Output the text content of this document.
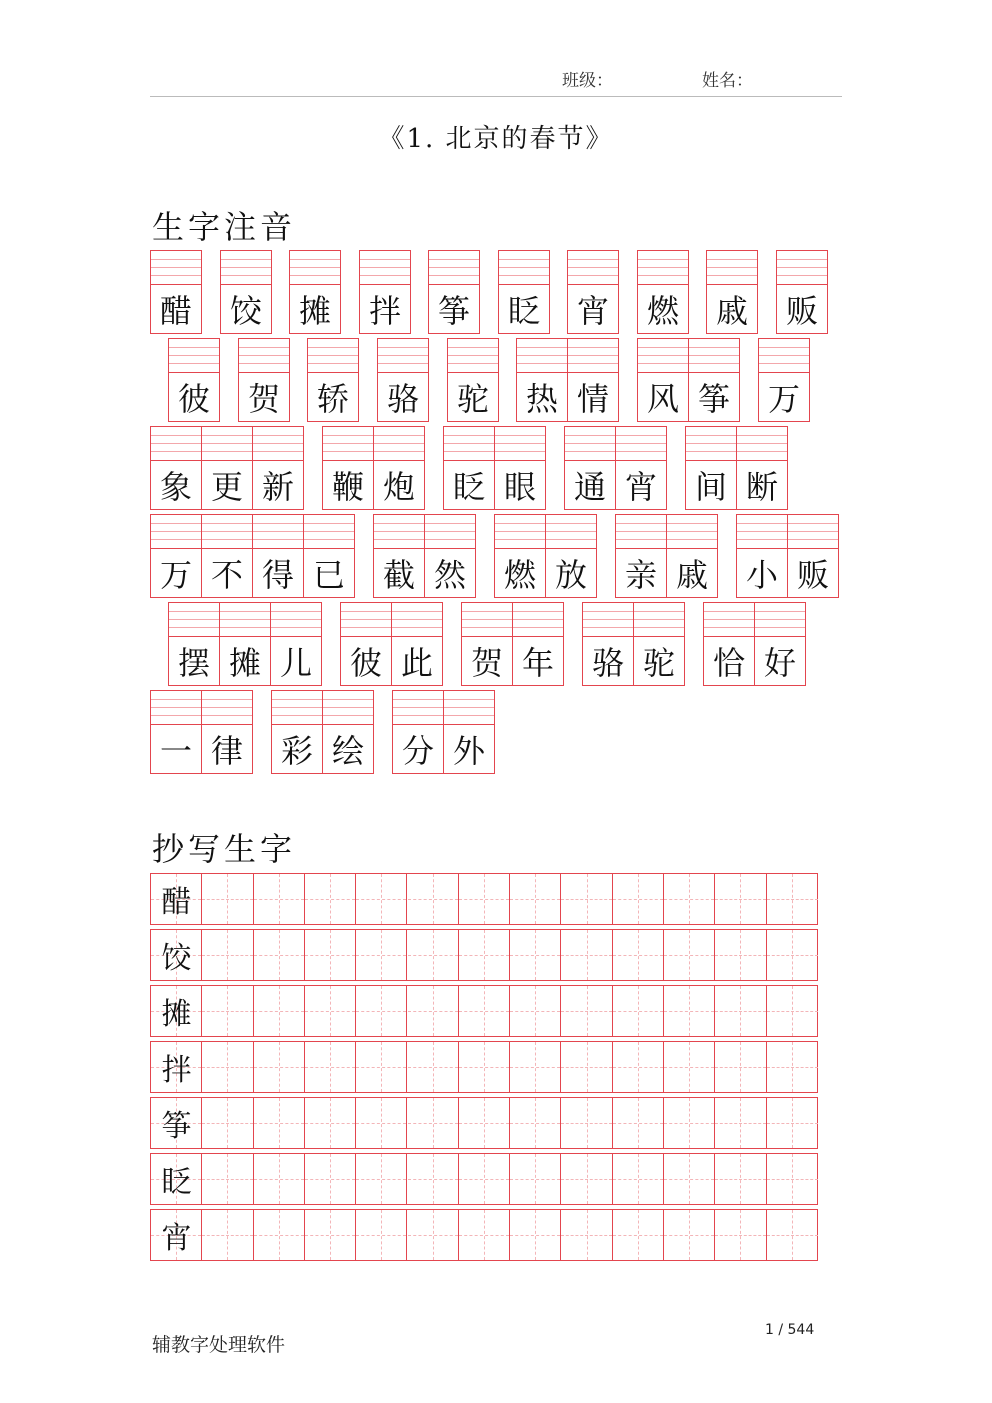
班级：	姓名：
《1. 北京的春节》
生字注音
醋 饺 摊 拌 筝 眨 宵 燃 戚 贩
彼 贺 轿 骆 驼 热 情 风 筝 万
象 更 新 鞭 炮 眨 眼 通 宵 间 断
万 不 得 已 截 然 燃 放 亲 戚 小 贩
摆 摊 儿 彼 此 贺 年 骆 驼 恰 好
一 律 彩 绘 分 外
抄写生字
醋
饺
摊
拌
筝
眨
宵
辅教字处理软件
1 / 544
